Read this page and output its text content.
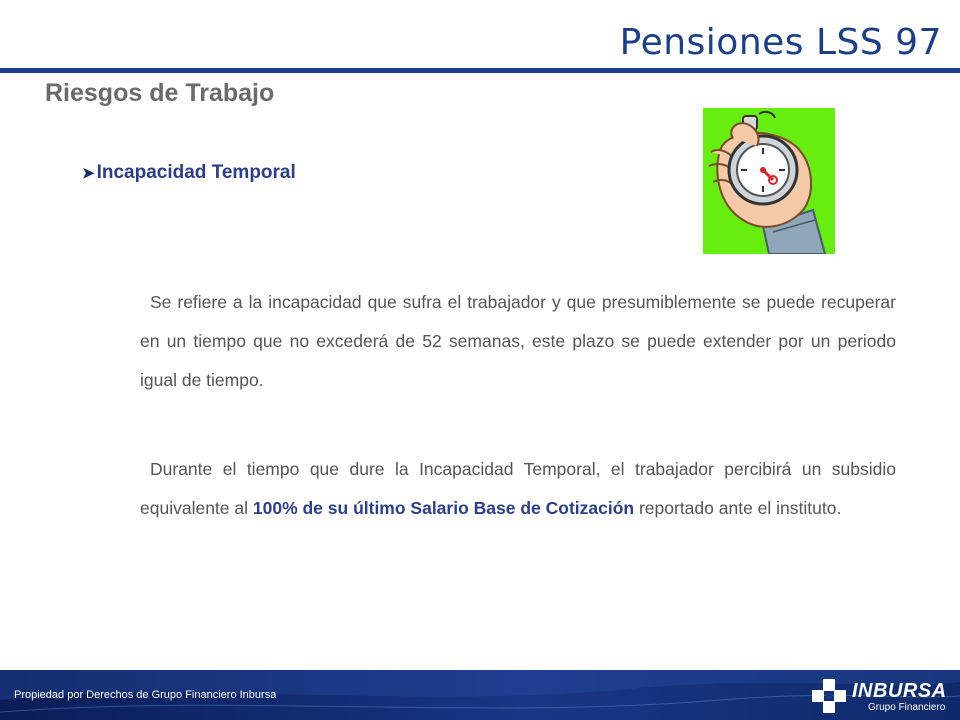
Pensiones LSS 97
Riesgos de Trabajo
➤ Incapacidad Temporal
Se refiere a la incapacidad que sufra el trabajador y que presumiblemente se puede recuperar en un tiempo que no excederá de 52 semanas, este plazo se puede extender por un periodo igual de tiempo.
Durante el tiempo que dure la Incapacidad Temporal, el trabajador percibirá un subsidio equivalente al 100% de su último Salario Base de Cotización reportado ante el instituto.
Propiedad por Derechos de Grupo Financiero Inbursa	INBURSA
Grupo Financiero
